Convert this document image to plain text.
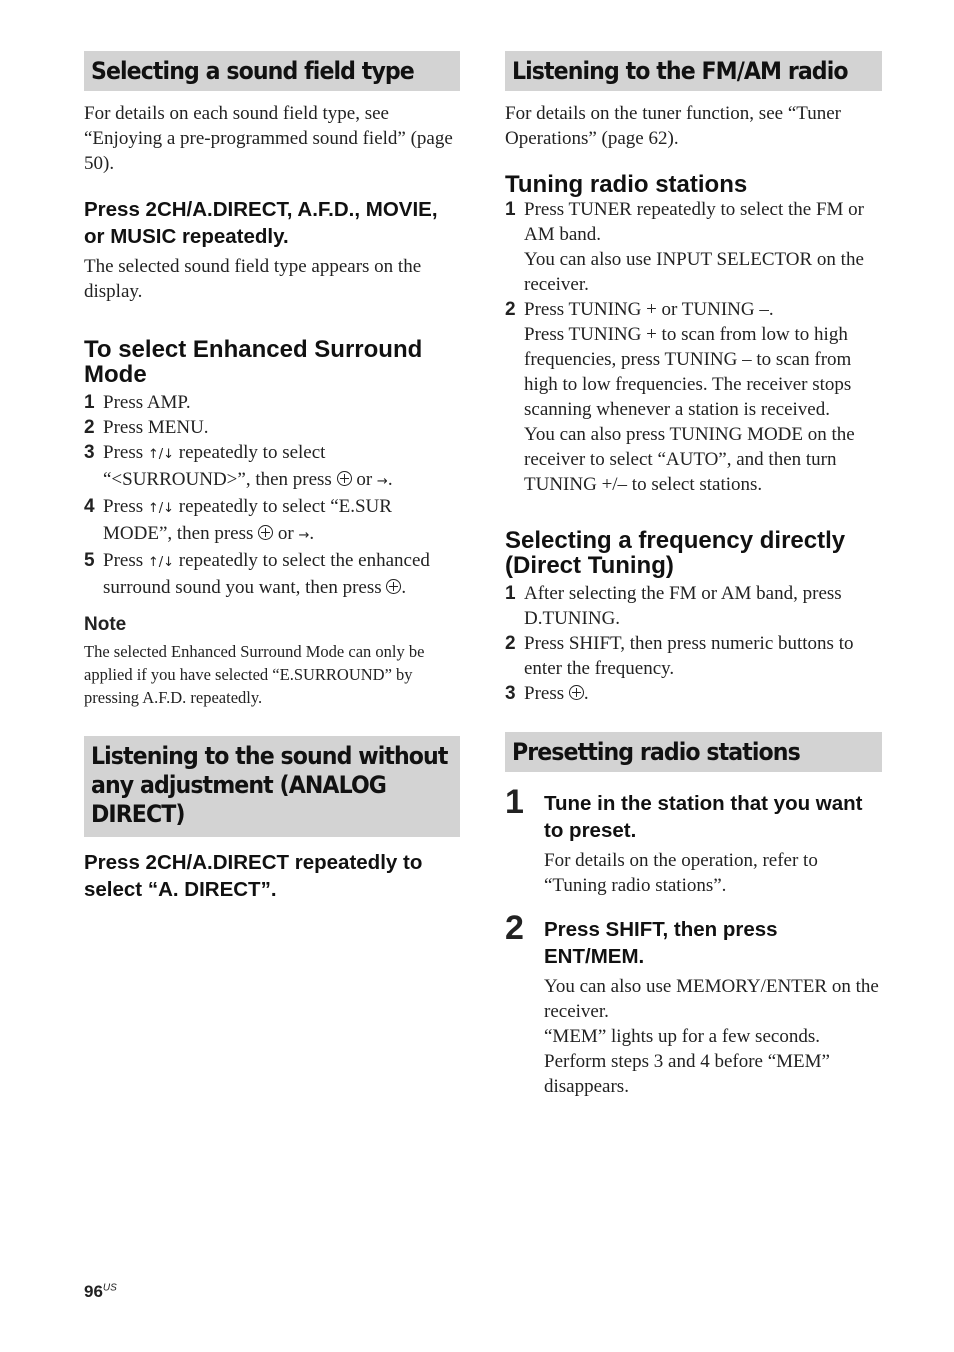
Selecting a sound field type

For details on each sound field type, see “Enjoying a pre-programmed sound field” (page 50).

Press 2CH/A.DIRECT, A.F.D., MOVIE, or MUSIC repeatedly.

The selected sound field type appears on the display.

To select Enhanced Surround Mode
1 Press AMP.
2 Press MENU.
3 Press ↑/↓ repeatedly to select “<SURROUND>”, then press or →.
4 Press ↑/↓ repeatedly to select “E.SUR MODE”, then press or →.
5 Press ↑/↓ repeatedly to select the enhanced surround sound you want, then press .
Note

The selected Enhanced Surround Mode can only be applied if you have selected “E.SURROUND” by pressing A.F.D. repeatedly.

Listening to the sound without any adjustment (ANALOG DIRECT)
Press 2CH/A.DIRECT repeatedly to select “A. DIRECT”.
Listening to the FM/AM radio

For details on the tuner function, see “Tuner Operations” (page 62).

Tuning radio stations
1 Press TUNER repeatedly to select the FM or AM band.
You can also use INPUT SELECTOR on the receiver.
2 Press TUNING + or TUNING –.
Press TUNING + to scan from low to high frequencies, press TUNING – to scan from high to low frequencies. The receiver stops scanning whenever a station is received.
You can also press TUNING MODE on the receiver to select “AUTO”, and then turn TUNING +/– to select stations.
Selecting a frequency directly (Direct Tuning)
1 After selecting the FM or AM band, press D.TUNING.
2 Press SHIFT, then press numeric buttons to enter the frequency.
3 Press .
Presetting radio stations
1 Tune in the station that you want to preset.

For details on the operation, refer to “Tuning radio stations”.

2 Press SHIFT, then press ENT/MEM.

You can also use MEMORY/ENTER on the receiver.

“MEM” lights up for a few seconds. Perform steps 3 and 4 before “MEM” disappears.

$96^{US}$
